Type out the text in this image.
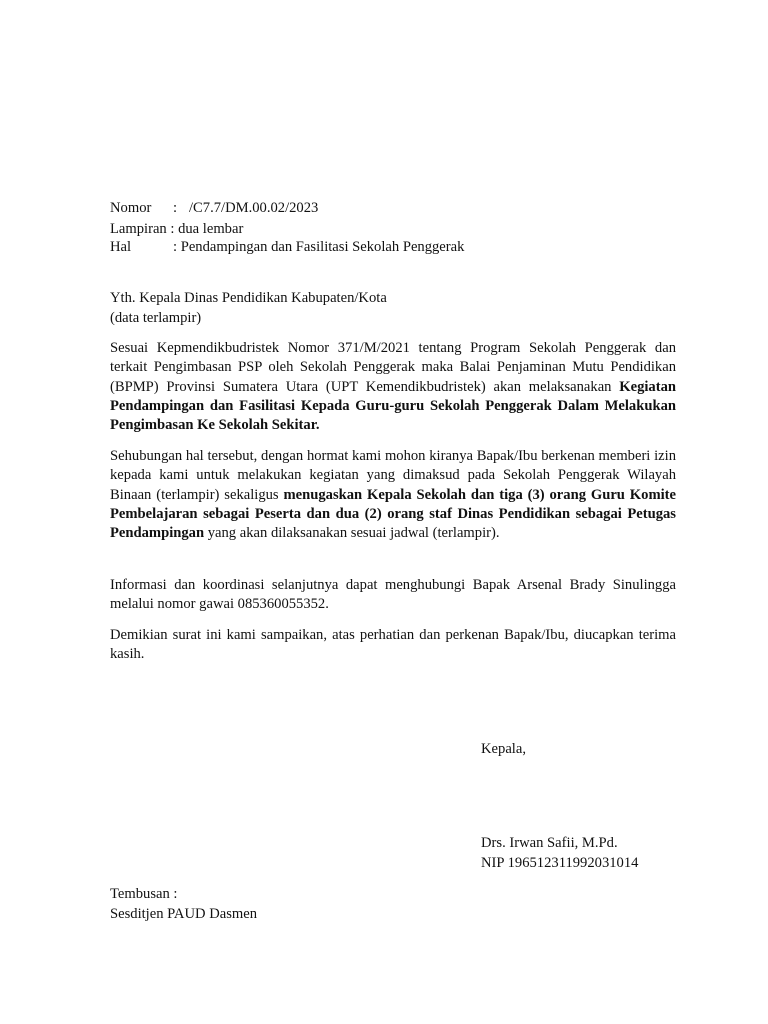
Nomor : /C7.7/DM.00.02/2023
Lampiran : dua lembar
Hal	: Pendampingan dan Fasilitasi Sekolah Penggerak
Yth. Kepala Dinas Pendidikan Kabupaten/Kota
(data terlampir)

Sesuai Kepmendikbudristek Nomor 371/M/2021 tentang Program Sekolah Penggerak dan terkait Pengimbasan PSP oleh Sekolah Penggerak maka Balai Penjaminan Mutu Pendidikan (BPMP) Provinsi Sumatera Utara (UPT Kemendikbudristek) akan melaksanakan Kegiatan Pendampingan dan Fasilitasi Kepada Guru-guru Sekolah Penggerak Dalam Melakukan Pengimbasan Ke Sekolah Sekitar.

Sehubungan hal tersebut, dengan hormat kami mohon kiranya Bapak/Ibu berkenan memberi izin kepada kami untuk melakukan kegiatan yang dimaksud pada Sekolah Penggerak Wilayah Binaan (terlampir) sekaligus menugaskan Kepala Sekolah dan tiga (3) orang Guru Komite Pembelajaran sebagai Peserta dan dua (2) orang staf Dinas Pendidikan sebagai Petugas Pendampingan yang akan dilaksanakan sesuai jadwal (terlampir).

Informasi dan koordinasi selanjutnya dapat menghubungi Bapak Arsenal Brady Sinulingga melalui nomor gawai 085360055352.

Demikian surat ini kami sampaikan, atas perhatian dan perkenan Bapak/Ibu, diucapkan terima kasih.

Kepala,
Drs. Irwan Safii, M.Pd.
NIP 196512311992031014
Tembusan :
Sesditjen PAUD Dasmen
